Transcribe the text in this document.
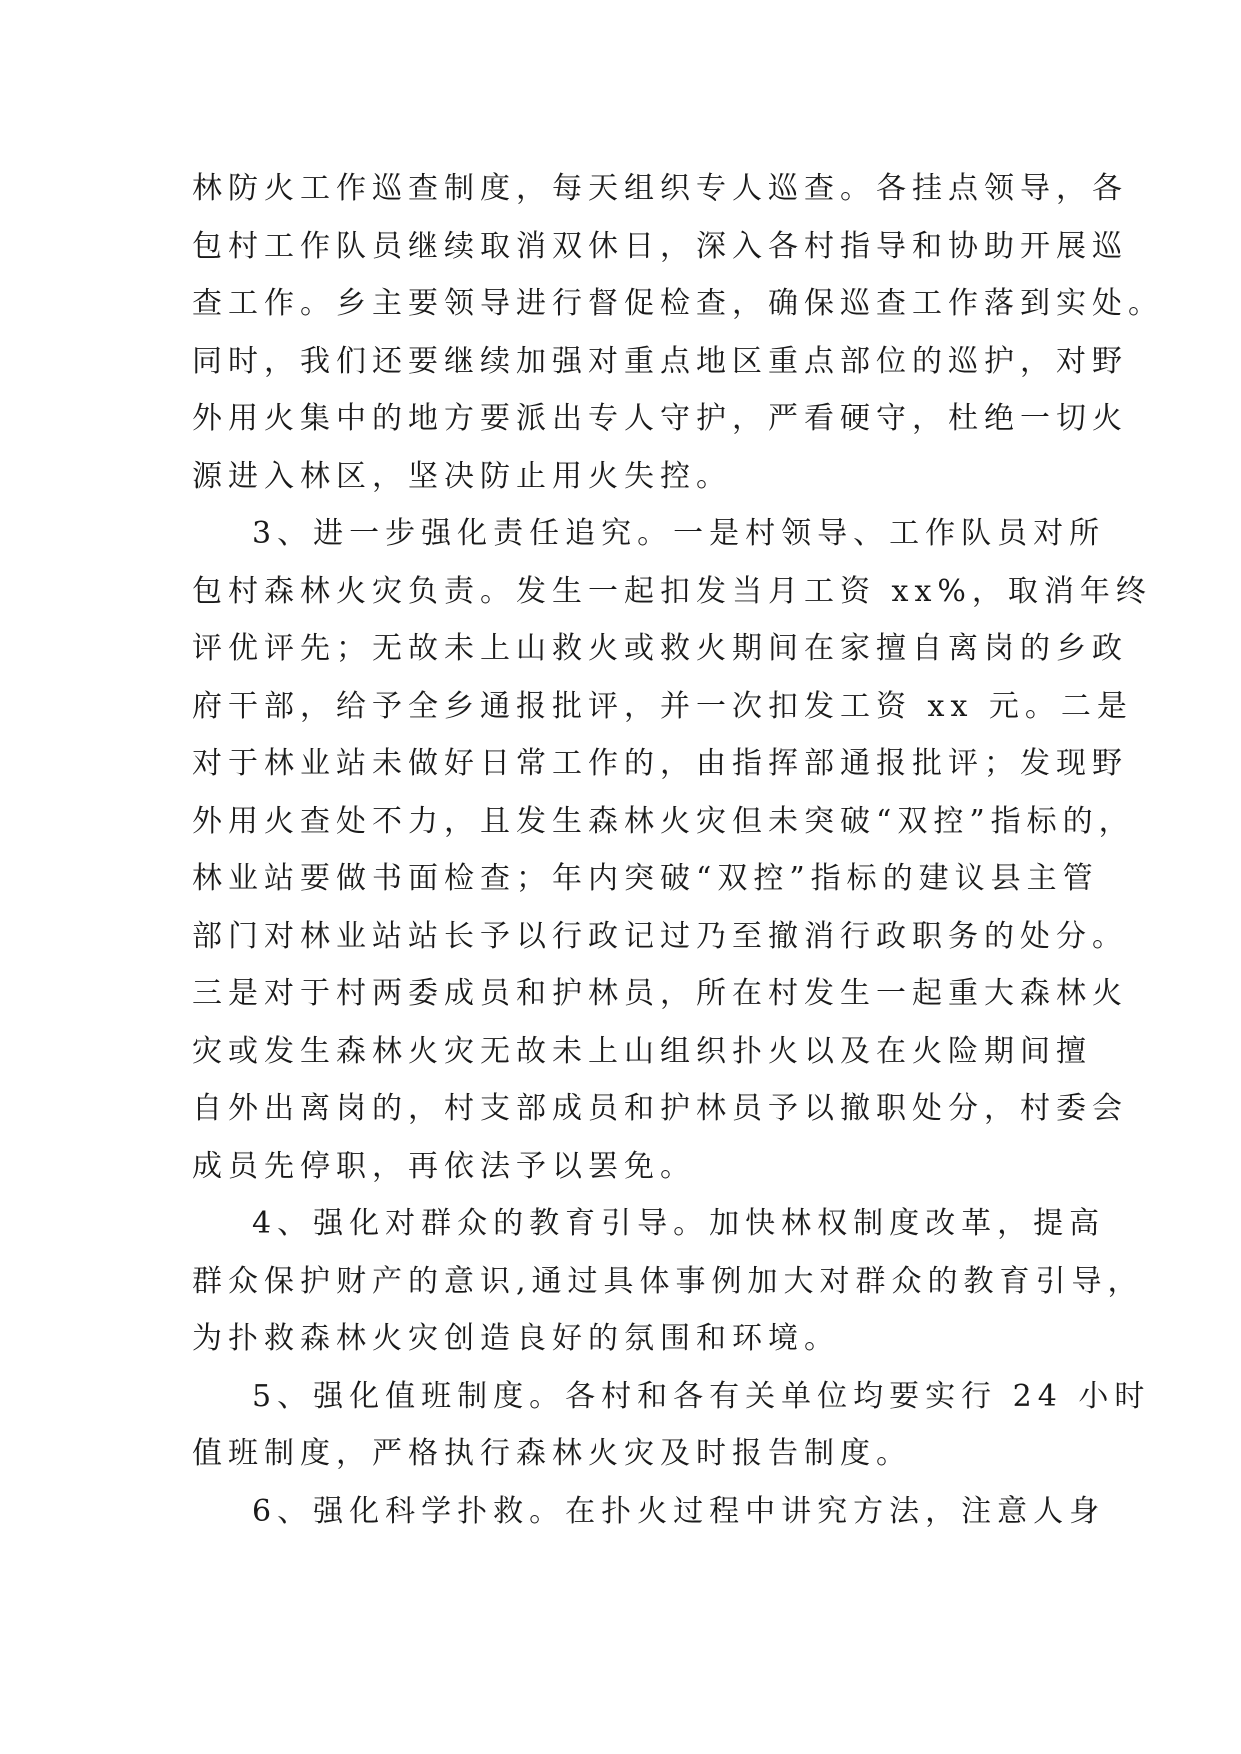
林防火工作巡查制度，每天组织专人巡查。各挂点领导，各
包村工作队员继续取消双休日，深入各村指导和协助开展巡
查工作。乡主要领导进行督促检查，确保巡查工作落到实处。
同时，我们还要继续加强对重点地区重点部位的巡护，对野
外用火集中的地方要派出专人守护，严看硬守，杜绝一切火
源进入林区，坚决防止用火失控。
3、进一步强化责任追究。一是村领导、工作队员对所
包村森林火灾负责。发生一起扣发当月工资 xx%，取消年终
评优评先；无故未上山救火或救火期间在家擅自离岗的乡政
府干部，给予全乡通报批评，并一次扣发工资 xx 元。二是
对于林业站未做好日常工作的，由指挥部通报批评；发现野
外用火查处不力，且发生森林火灾但未突破“双控”指标的，
林业站要做书面检查；年内突破“双控”指标的建议县主管
部门对林业站站长予以行政记过乃至撤消行政职务的处分。
三是对于村两委成员和护林员，所在村发生一起重大森林火
灾或发生森林火灾无故未上山组织扑火以及在火险期间擅
自外出离岗的，村支部成员和护林员予以撤职处分，村委会
成员先停职，再依法予以罢免。
4、强化对群众的教育引导。加快林权制度改革，提高
群众保护财产的意识,通过具体事例加大对群众的教育引导，
为扑救森林火灾创造良好的氛围和环境。
5、强化值班制度。各村和各有关单位均要实行 24 小时
值班制度，严格执行森林火灾及时报告制度。
6、强化科学扑救。在扑火过程中讲究方法，注意人身
